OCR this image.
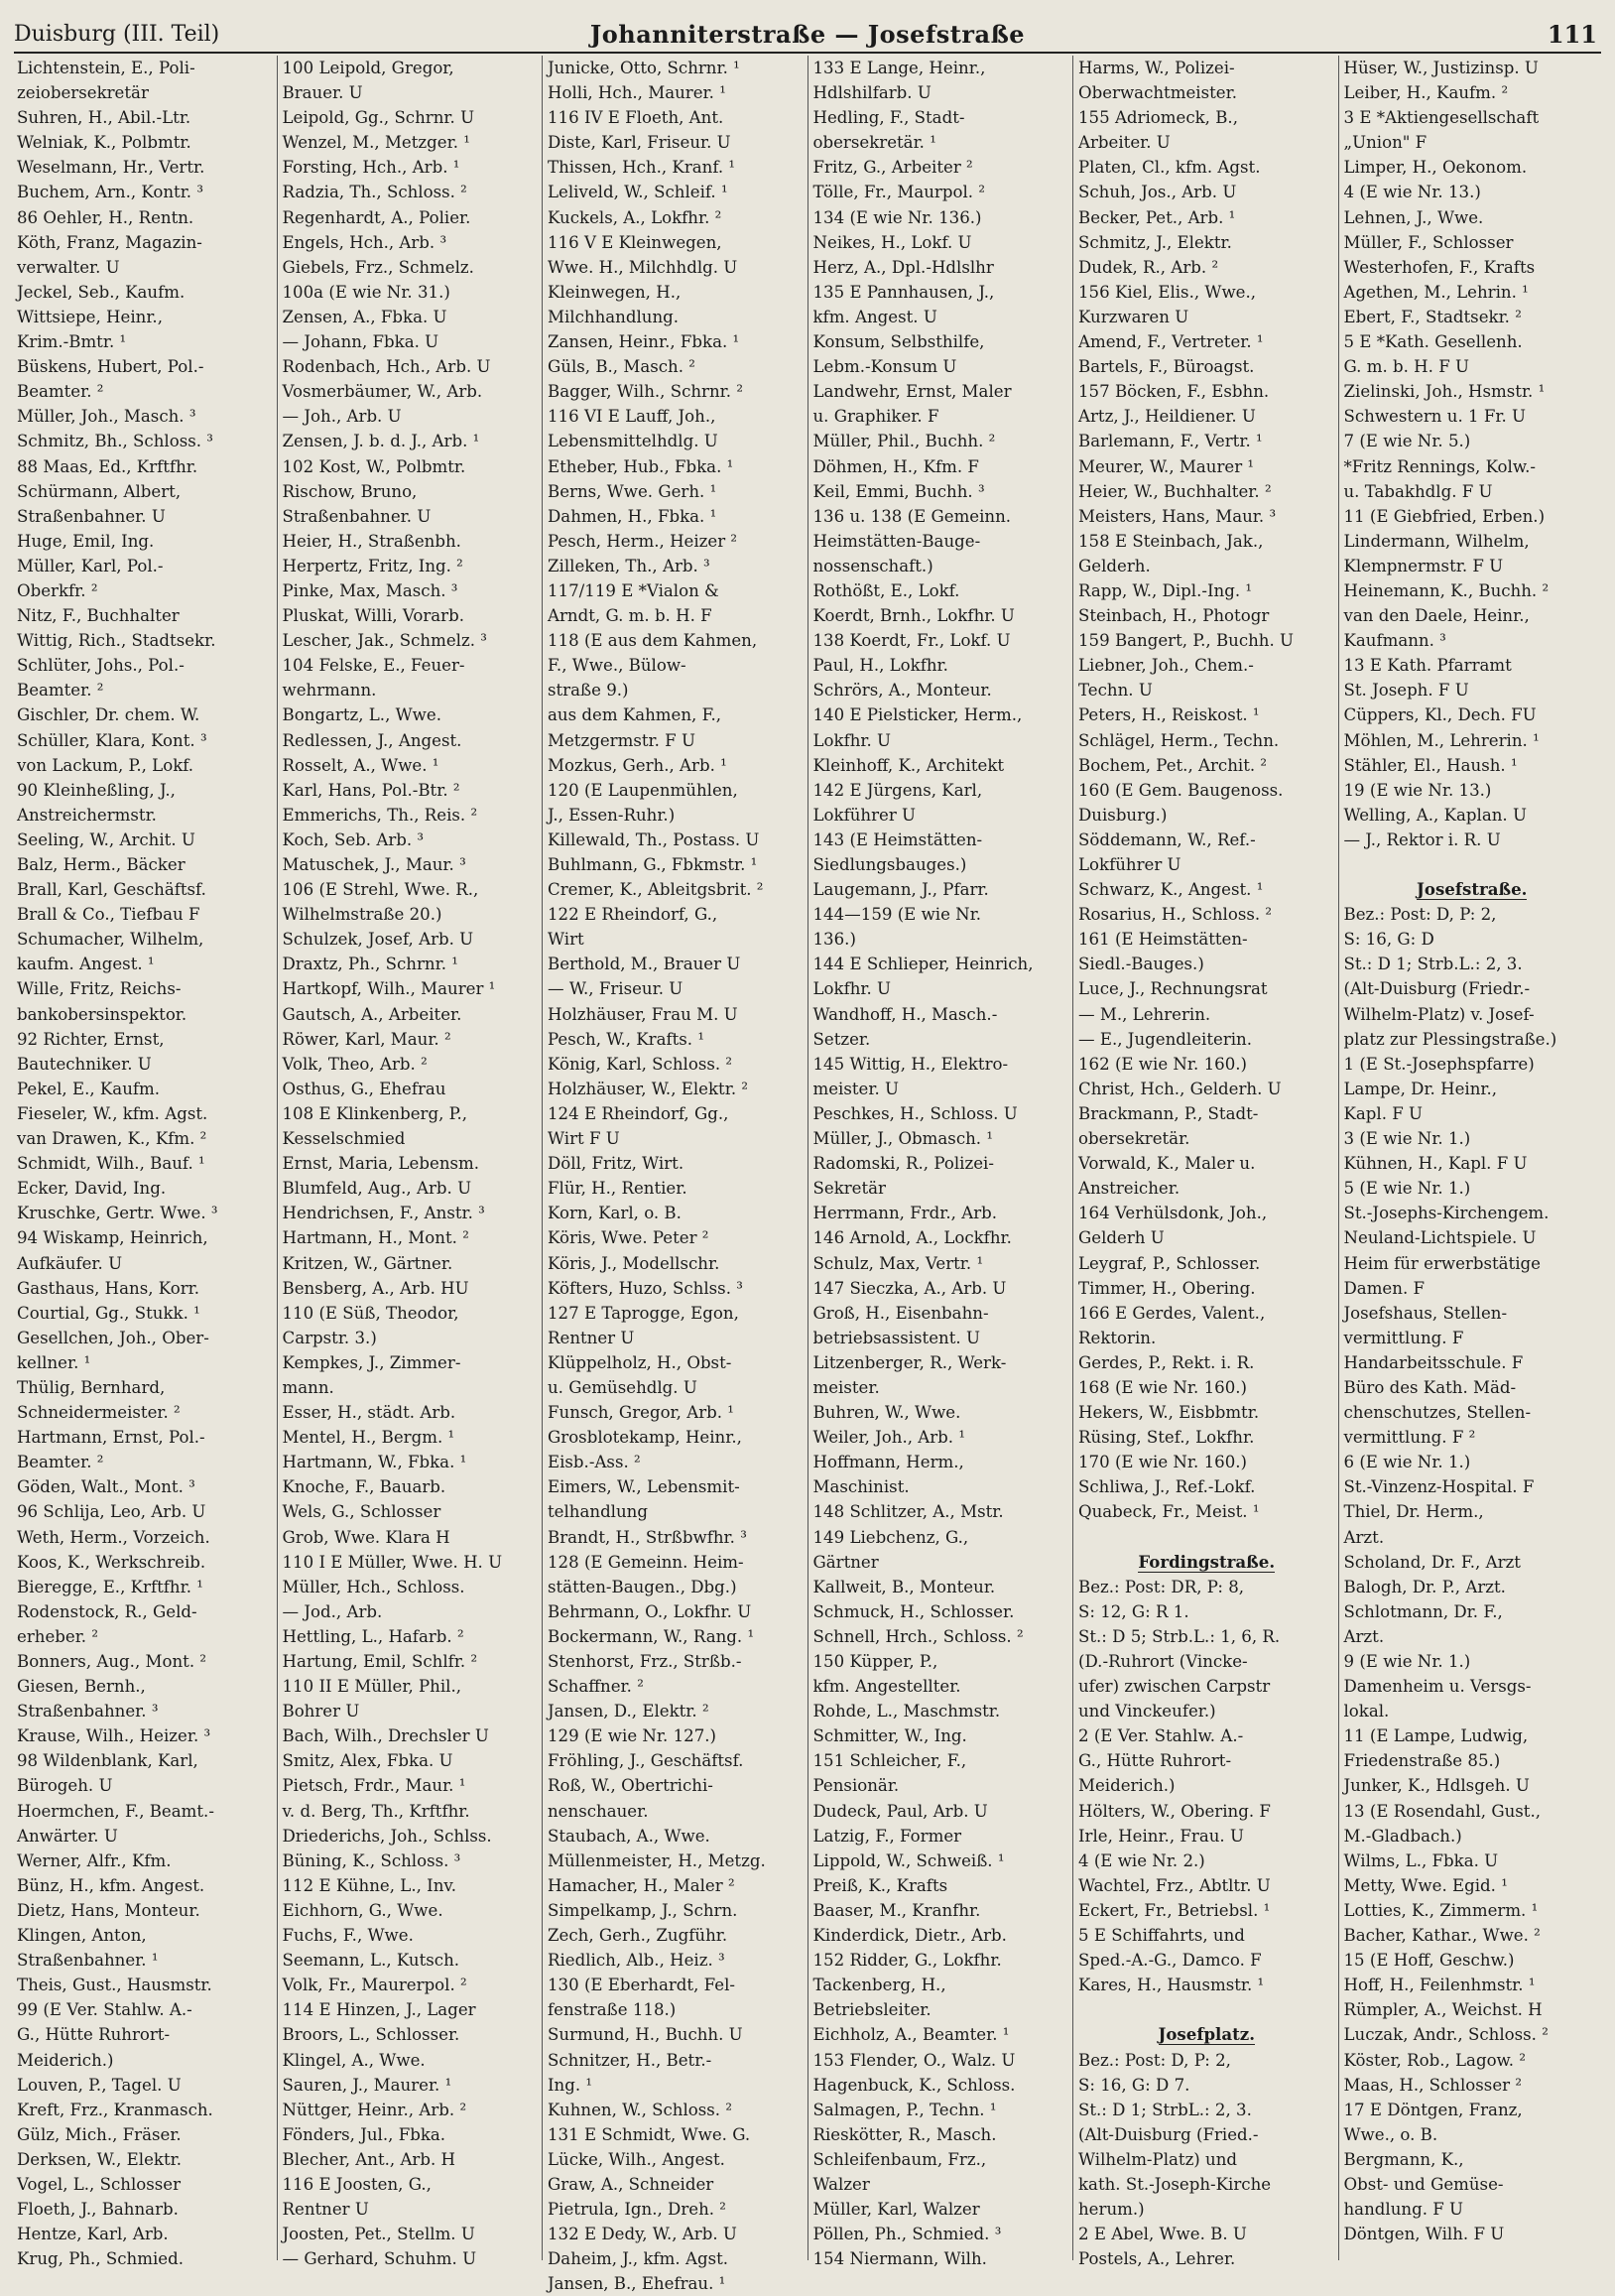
Duisburg (III. Teil)	Johanniterstraße — Josefstraße	111
Lichtenstein, E., Poli-
zeiobersekretär
Suhren, H., Abil.-Ltr.
Welniak, K., Polbmtr.
Weselmann, Hr., Vertr.
Buchem, Arn., Kontr. ³
86 Oehler, H., Rentn.
Köth, Franz, Magazin-
verwalter. U
Jeckel, Seb., Kaufm.
Wittsiepe, Heinr.,
Krim.-Bmtr. ¹
Büskens, Hubert, Pol.-
Beamter. ²
Müller, Joh., Masch. ³
Schmitz, Bh., Schloss. ³
88 Maas, Ed., Krftfhr.
Schürmann, Albert,
Straßenbahner. U
Huge, Emil, Ing.
Müller, Karl, Pol.-
Oberkfr. ²
Nitz, F., Buchhalter
Wittig, Rich., Stadtsekr.
Schlüter, Johs., Pol.-
Beamter. ²
Gischler, Dr. chem. W.
Schüller, Klara, Kont. ³
von Lackum, P., Lokf.
90 Kleinheßling, J.,
Anstreichermstr.
Seeling, W., Archit. U
Balz, Herm., Bäcker
Brall, Karl, Geschäftsf.
Brall & Co., Tiefbau F
Schumacher, Wilhelm,
kaufm. Angest. ¹
Wille, Fritz, Reichs-
bankobersinspektor.
92 Richter, Ernst,
Bautechniker. U
Pekel, E., Kaufm.
Fieseler, W., kfm. Agst.
van Drawen, K., Kfm. ²
Schmidt, Wilh., Bauf. ¹
Ecker, David, Ing.
Kruschke, Gertr. Wwe. ³
94 Wiskamp, Heinrich,
Aufkäufer. U
Gasthaus, Hans, Korr.
Courtial, Gg., Stukk. ¹
Gesellchen, Joh., Ober-
kellner. ¹
Thülig, Bernhard,
Schneidermeister. ²
Hartmann, Ernst, Pol.-
Beamter. ²
Göden, Walt., Mont. ³
96 Schlija, Leo, Arb. U
Weth, Herm., Vorzeich.
Koos, K., Werkschreib.
Bieregge, E., Krftfhr. ¹
Rodenstock, R., Geld-
erheber. ²
Bonners, Aug., Mont. ²
Giesen, Bernh.,
Straßenbahner. ³
Krause, Wilh., Heizer. ³
98 Wildenblank, Karl,
Bürogeh. U
Hoermchen, F., Beamt.-
Anwärter. U
Werner, Alfr., Kfm.
Bünz, H., kfm. Angest.
Dietz, Hans, Monteur.
Klingen, Anton,
Straßenbahner. ¹
Theis, Gust., Hausmstr.
99 (E Ver. Stahlw. A.-
G., Hütte Ruhrort-
Meiderich.)
Louven, P., Tagel. U
Kreft, Frz., Kranmasch.
Gülz, Mich., Fräser.
Derksen, W., Elektr.
Vogel, L., Schlosser
Floeth, J., Bahnarb.
Hentze, Karl, Arb.
Krug, Ph., Schmied.
100 Leipold, Gregor,
Brauer. U
Leipold, Gg., Schrnr. U
Wenzel, M., Metzger. ¹
Forsting, Hch., Arb. ¹
Radzia, Th., Schloss. ²
Regenhardt, A., Polier.
Engels, Hch., Arb. ³
Giebels, Frz., Schmelz.
100a (E wie Nr. 31.)
Zensen, A., Fbka. U
— Johann, Fbka. U
Rodenbach, Hch., Arb. U
Vosmerbäumer, W., Arb.
— Joh., Arb. U
Zensen, J. b. d. J., Arb. ¹
102 Kost, W., Polbmtr.
Rischow, Bruno,
Straßenbahner. U
Heier, H., Straßenbh.
Herpertz, Fritz, Ing. ²
Pinke, Max, Masch. ³
Pluskat, Willi, Vorarb.
Lescher, Jak., Schmelz. ³
104 Felske, E., Feuer-
wehrmann.
Bongartz, L., Wwe.
Redlessen, J., Angest.
Rosselt, A., Wwe. ¹
Karl, Hans, Pol.-Btr. ²
Emmerichs, Th., Reis. ²
Koch, Seb. Arb. ³
Matuschek, J., Maur. ³
106 (E Strehl, Wwe. R.,
Wilhelmstraße 20.)
Schulzek, Josef, Arb. U
Draxtz, Ph., Schrnr. ¹
Hartkopf, Wilh., Maurer ¹
Gautsch, A., Arbeiter.
Röwer, Karl, Maur. ²
Volk, Theo, Arb. ²
Osthus, G., Ehefrau
108 E Klinkenberg, P.,
Kesselschmied
Ernst, Maria, Lebensm.
Blumfeld, Aug., Arb. U
Hendrichsen, F., Anstr. ³
Hartmann, H., Mont. ²
Kritzen, W., Gärtner.
Bensberg, A., Arb. HU
110 (E Süß, Theodor,
Carpstr. 3.)
Kempkes, J., Zimmer-
mann.
Esser, H., städt. Arb.
Mentel, H., Bergm. ¹
Hartmann, W., Fbka. ¹
Knoche, F., Bauarb.
Wels, G., Schlosser
Grob, Wwe. Klara H
110 I E Müller, Wwe. H. U
Müller, Hch., Schloss.
— Jod., Arb.
Hettling, L., Hafarb. ²
Hartung, Emil, Schlfr. ²
110 II E Müller, Phil.,
Bohrer U
Bach, Wilh., Drechsler U
Smitz, Alex, Fbka. U
Pietsch, Frdr., Maur. ¹
v. d. Berg, Th., Krftfhr.
Driederichs, Joh., Schlss.
Büning, K., Schloss. ³
112 E Kühne, L., Inv.
Eichhorn, G., Wwe.
Fuchs, F., Wwe.
Seemann, L., Kutsch.
Volk, Fr., Maurerpol. ²
114 E Hinzen, J., Lager
Broors, L., Schlosser.
Klingel, A., Wwe.
Sauren, J., Maurer. ¹
Nüttger, Heinr., Arb. ²
Fönders, Jul., Fbka.
Blecher, Ant., Arb. H
116 E Joosten, G.,
Rentner U
Joosten, Pet., Stellm. U
— Gerhard, Schuhm. U
Junicke, Otto, Schrnr. ¹
Holli, Hch., Maurer. ¹
116 IV E Floeth, Ant.
Diste, Karl, Friseur. U
Thissen, Hch., Kranf. ¹
Leliveld, W., Schleif. ¹
Kuckels, A., Lokfhr. ²
116 V E Kleinwegen,
Wwe. H., Milchhdlg. U
Kleinwegen, H.,
Milchhandlung.
Zansen, Heinr., Fbka. ¹
Güls, B., Masch. ²
Bagger, Wilh., Schrnr. ²
116 VI E Lauff, Joh.,
Lebensmittelhdlg. U
Etheber, Hub., Fbka. ¹
Berns, Wwe. Gerh. ¹
Dahmen, H., Fbka. ¹
Pesch, Herm., Heizer ²
Zilleken, Th., Arb. ³
117/119 E *Vialon &
Arndt, G. m. b. H. F
118 (E aus dem Kahmen,
F., Wwe., Bülow-
straße 9.)
aus dem Kahmen, F.,
Metzgermstr. F U
Mozkus, Gerh., Arb. ¹
120 (E Laupenmühlen,
J., Essen-Ruhr.)
Killewald, Th., Postass. U
Buhlmann, G., Fbkmstr. ¹
Cremer, K., Ableitgsbrit. ²
122 E Rheindorf, G.,
Wirt
Berthold, M., Brauer U
— W., Friseur. U
Holzhäuser, Frau M. U
Pesch, W., Krafts. ¹
König, Karl, Schloss. ²
Holzhäuser, W., Elektr. ²
124 E Rheindorf, Gg.,
Wirt F U
Döll, Fritz, Wirt.
Flür, H., Rentier.
Korn, Karl, o. B.
Köris, Wwe. Peter ²
Köris, J., Modellschr.
Köfters, Huzo, Schlss. ³
127 E Taproggе, Egon,
Rentner U
Klüppelholz, H., Obst-
u. Gemüsehdlg. U
Funsch, Gregor, Arb. ¹
Grosblotekamp, Heinr.,
Eisb.-Ass. ²
Eimers, W., Lebensmit-
telhandlung
Brandt, H., Strßbwfhr. ³
128 (E Gemeinn. Heim-
stätten-Baugen., Dbg.)
Behrmann, O., Lokfhr. U
Bockermann, W., Rang. ¹
Stenhorst, Frz., Strßb.-
Schaffner. ²
Jansen, D., Elektr. ²
129 (E wie Nr. 127.)
Fröhling, J., Geschäftsf.
Roß, W., Obertrichi-
nenschauer.
Staubach, A., Wwe.
Müllenmeister, H., Metzg.
Hamacher, H., Maler ²
Simpelkamp, J., Schrn.
Zech, Gerh., Zugführ.
Riedlich, Alb., Heiz. ³
130 (E Eberhardt, Fel-
fenstraße 118.)
Surmund, H., Buchh. U
Schnitzer, H., Betr.-
Ing. ¹
Kuhnen, W., Schloss. ²
131 E Schmidt, Wwe. G.
Lücke, Wilh., Angest.
Graw, A., Schneider
Pietrula, Ign., Dreh. ²
132 E Dedy, W., Arb. U
Daheim, J., kfm. Agst.
Jansen, B., Ehefrau. ¹
133 E Lange, Heinr.,
Hdlshilfarb. U
Hedling, F., Stadt-
obersekretär. ¹
Fritz, G., Arbeiter ²
Tölle, Fr., Maurpol. ²
134 (E wie Nr. 136.)
Neikes, H., Lokf. U
Herz, A., Dpl.-Hdlslhr
135 E Pannhausen, J.,
kfm. Angest. U
Konsum, Selbsthilfe,
Lebm.-Konsum U
Landwehr, Ernst, Maler
u. Graphiker. F
Müller, Phil., Buchh. ²
Döhmen, H., Kfm. F
Keil, Emmi, Buchh. ³
136 u. 138 (E Gemeinn.
Heimstätten-Bauge-
nossenschaft.)
Rothößt, E., Lokf.
Koerdt, Brnh., Lokfhr. U
138 Koerdt, Fr., Lokf. U
Paul, H., Lokfhr.
Schrörs, A., Monteur.
140 E Pielsticker, Herm.,
Lokfhr. U
Kleinhoff, K., Architekt
142 E Jürgens, Karl,
Lokführer U
143 (E Heimstätten-
Siedlungsbauges.)
Laugemann, J., Pfarr.
144—159 (E wie Nr.
136.)
144 E Schlieper, Heinrich,
Lokfhr. U
Wandhoff, H., Masch.-
Setzer.
145 Wittig, H., Elektro-
meister. U
Peschkes, H., Schloss. U
Müller, J., Obmasch. ¹
Radomski, R., Polizei-
Sekretär
Herrmann, Frdr., Arb.
146 Arnold, A., Lockfhr.
Schulz, Max, Vertr. ¹
147 Sieczka, A., Arb. U
Groß, H., Eisenbahn-
betriebsassistent. U
Litzenberger, R., Werk-
meister.
Buhren, W., Wwe.
Weiler, Joh., Arb. ¹
Hoffmann, Herm.,
Maschinist.
148 Schlitzer, A., Mstr.
149 Liebchenz, G.,
Gärtner
Kallweit, B., Monteur.
Schmuck, H., Schlosser.
Schnell, Hrch., Schloss. ²
150 Küpper, P.,
kfm. Angestellter.
Rohde, L., Maschmstr.
Schmitter, W., Ing.
151 Schleicher, F.,
Pensionär.
Dudeck, Paul, Arb. U
Latzig, F., Former
Lippold, W., Schweiß. ¹
Preiß, K., Krafts
Baaser, M., Kranfhr.
Kinderdick, Dietr., Arb.
152 Ridder, G., Lokfhr.
Tackenberg, H.,
Betriebsleiter.
Eichholz, A., Beamter. ¹
153 Flender, O., Walz. U
Hagenbuck, K., Schloss.
Salmagen, P., Techn. ¹
Rieskötter, R., Masch.
Schleifenbaum, Frz.,
Walzer
Müller, Karl, Walzer
Pöllen, Ph., Schmied. ³
154 Niermann, Wilh.
Harms, W., Polizei-
Oberwachtmeister.
155 Adriomeck, B.,
Arbeiter. U
Platen, Cl., kfm. Agst.
Schuh, Jos., Arb. U
Becker, Pet., Arb. ¹
Schmitz, J., Elektr.
Dudek, R., Arb. ²
156 Kiel, Elis., Wwe.,
Kurzwaren U
Amend, F., Vertreter. ¹
Bartels, F., Büroagst.
157 Böcken, F., Esbhn.
Artz, J., Heildiener. U
Barlemann, F., Vertr. ¹
Meurer, W., Maurer ¹
Heier, W., Buchhalter. ²
Meisters, Hans, Maur. ³
158 E Steinbach, Jak.,
Gelderh.
Rapp, W., Dipl.-Ing. ¹
Steinbach, H., Photogr
159 Bangert, P., Buchh. U
Liebner, Joh., Chem.-
Techn. U
Peters, H., Reiskost. ¹
Schlägel, Herm., Techn.
Bochem, Pet., Archit. ²
160 (E Gem. Baugenoss.
Duisburg.)
Söddemann, W., Ref.-
Lokführer U
Schwarz, K., Angest. ¹
Rosarius, H., Schloss. ²
161 (E Heimstätten-
Siedl.-Bauges.)
Luce, J., Rechnungsrat
— M., Lehrerin.
— E., Jugendleiterin.
162 (E wie Nr. 160.)
Christ, Hch., Gelderh. U
Brackmann, P., Stadt-
obersekretär.
Vorwald, K., Maler u.
Anstreicher.
164 Verhülsdonk, Joh.,
Gelderh U
Leygraf, P., Schlosser.
Timmer, H., Obering.
166 E Gerdes, Valent.,
Rektorin.
Gerdes, P., Rekt. i. R.
168 (E wie Nr. 160.)
Hekers, W., Eisbbmtr.
Rüsing, Stef., Lokfhr.
170 (E wie Nr. 160.)
Schliwa, J., Ref.-Lokf.
Quabeck, Fr., Meist. ¹

Fordingstraße.
Bez.: Post: DR, P: 8,
S: 12, G: R 1.
St.: D 5; Strb.L.: 1, 6, R.
(D.-Ruhrort (Vincke-
ufer) zwischen Carpstr
und Vinckeufer.)
2 (E Ver. Stahlw. A.-
G., Hütte Ruhrort-
Meiderich.)
Hölters, W., Obering. F
Irle, Heinr., Frau. U
4 (E wie Nr. 2.)
Wachtel, Frz., Abtltr. U
Eckert, Fr., Betriebsl. ¹
5 E Schiffahrts, und
Sped.-A.-G., Damco. F
Kares, H., Hausmstr. ¹

Josefplatz.
Bez.: Post: D, P: 2,
S: 16, G: D 7.
St.: D 1; StrbL.: 2, 3.
(Alt-Duisburg (Fried.-
Wilhelm-Platz) und
kath. St.-Joseph-Kirche
herum.)
2 E Abel, Wwe. B. U
Postels, A., Lehrer.
Hüser, W., Justizinsp. U
Leiber, H., Kaufm. ²
3 E *Aktiengesellschaft
„Union" F
Limper, H., Oekonom.
4 (E wie Nr. 13.)
Lehnen, J., Wwe.
Müller, F., Schlosser
Westerhofen, F., Krafts
Agethen, M., Lehrin. ¹
Ebert, F., Stadtsekr. ²
5 E *Kath. Gesellenh.
G. m. b. H. F U
Zielinski, Joh., Hsmstr. ¹
Schwestern u. 1 Fr. U
7 (E wie Nr. 5.)
*Fritz Rennings, Kolw.-
u. Tabakhdlg. F U
11 (E Giebfried, Erben.)
Lindermann, Wilhelm,
Klempnermstr. F U
Heinemann, K., Buchh. ²
van den Daele, Heinr.,
Kaufmann. ³
13 E Kath. Pfarramt
St. Joseph. F U
Cüppers, Kl., Dech. FU
Möhlen, M., Lehrerin. ¹
Stähler, El., Haush. ¹
19 (E wie Nr. 13.)
Welling, A., Kaplan. U
— J., Rektor i. R. U

Josefstraße.
Bez.: Post: D, P: 2,
S: 16, G: D
St.: D 1; Strb.L.: 2, 3.
(Alt-Duisburg (Friedr.-
Wilhelm-Platz) v. Josef-
platz zur Plessingstraße.)
1 (E St.-Josephspfarre)
Lampe, Dr. Heinr.,
Kapl. F U
3 (E wie Nr. 1.)
Kühnen, H., Kapl. F U
5 (E wie Nr. 1.)
St.-Josephs-Kirchengem.
Neuland-Lichtspiele. U
Heim für erwerbstätige
Damen. F
Josefshaus, Stellen-
vermittlung. F
Handarbeitsschule. F
Büro des Kath. Mäd-
chenschutzes, Stellen-
vermittlung. F ²
6 (E wie Nr. 1.)
St.-Vinzenz-Hospital. F
Thiel, Dr. Herm.,
Arzt.
Scholand, Dr. F., Arzt
Balogh, Dr. P., Arzt.
Schlotmann, Dr. F.,
Arzt.
9 (E wie Nr. 1.)
Damenheim u. Versgs-
lokal.
11 (E Lampe, Ludwig,
Friedenstraße 85.)
Junker, K., Hdlsgeh. U
13 (E Rosendahl, Gust.,
M.-Gladbach.)
Wilms, L., Fbka. U
Metty, Wwe. Egid. ¹
Lotties, K., Zimmerm. ¹
Bacher, Kathar., Wwe. ²
15 (E Hoff, Geschw.)
Hoff, H., Feilenhmstr. ¹
Rümpler, A., Weichst. H
Luczak, Andr., Schloss. ²
Köster, Rob., Lagow. ²
Maas, H., Schlosser ²
17 E Döntgen, Franz,
Wwe., o. B.
Bergmann, K.,
Obst- und Gemüse-
handlung. F U
Döntgen, Wilh. F U
